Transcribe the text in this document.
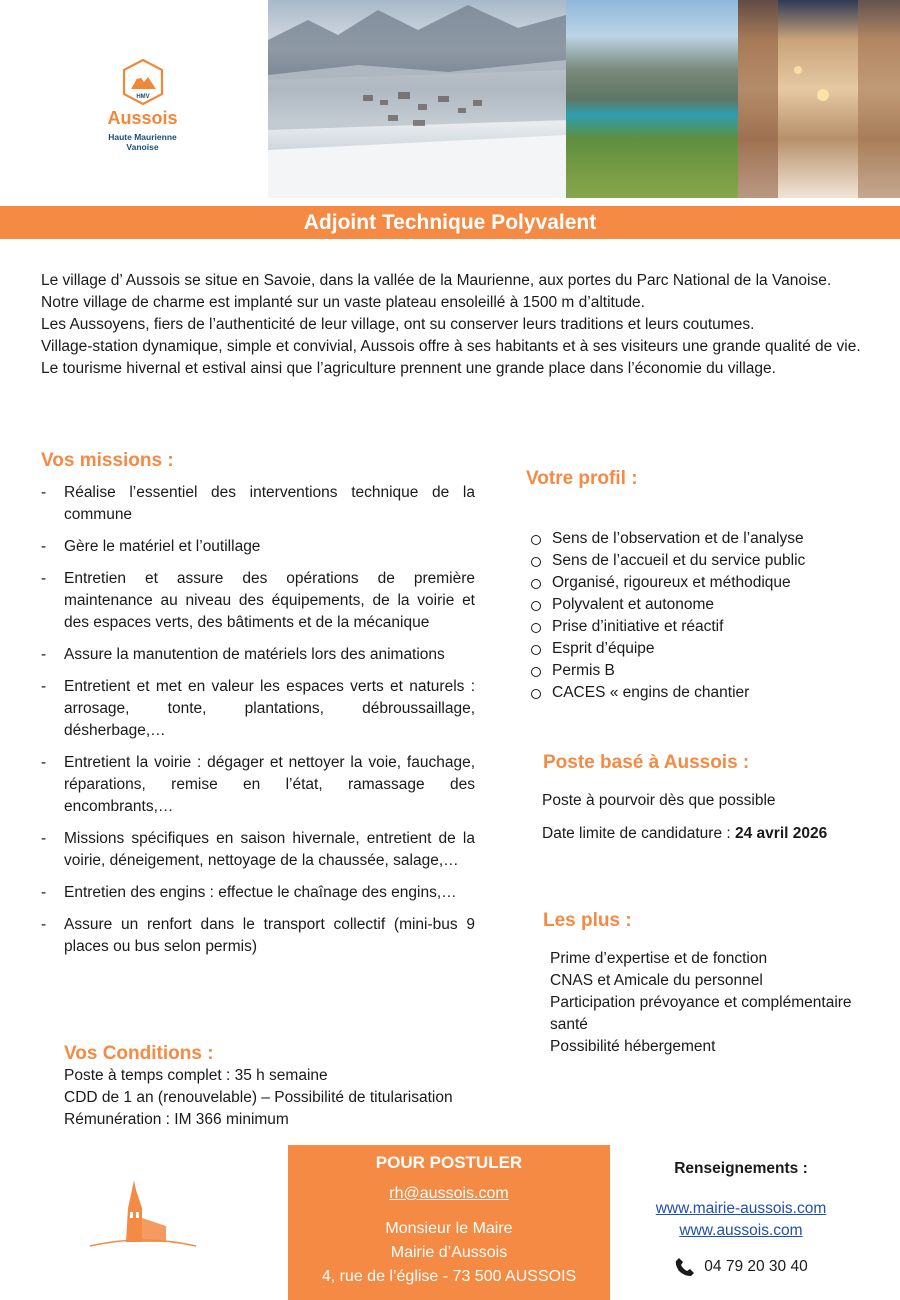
HMV
Aussois
Haute Maurienne Vanoise
Adjoint Technique Polyvalent

Le village d’ Aussois se situe en Savoie, dans la vallée de la Maurienne, aux portes du Parc National de la Vanoise.
Notre village de charme est implanté sur un vaste plateau ensoleillé à 1500 m d’altitude.
Les Aussoyens, fiers de l’authenticité de leur village, ont su conserver leurs traditions et leurs coutumes.
Village-station dynamique, simple et convivial, Aussois offre à ses habitants et à ses visiteurs une grande qualité de vie.
Le tourisme hivernal et estival ainsi que l’agriculture prennent une grande place dans l’économie du village.

Vos missions :
- Réalise l’essentiel des interventions technique de la commune
- Gère le matériel et l’outillage
- Entretien et assure des opérations de première maintenance au niveau des équipements, de la voirie et des espaces verts, des bâtiments et de la mécanique
- Assure la manutention de matériels lors des animations
- Entretient et met en valeur les espaces verts et naturels : arrosage, tonte, plantations, débroussaillage, désherbage,…
- Entretient la voirie : dégager et nettoyer la voie, fauchage, réparations, remise en l’état, ramassage des encombrants,…
- Missions spécifiques en saison hivernale, entretient de la voirie, déneigement, nettoyage de la chaussée, salage,…
- Entretien des engins : effectue le chaînage des engins,…
- Assure un renfort dans le transport collectif (mini-bus 9 places ou bus selon permis)
Vos Conditions :
Poste à temps complet : 35 h semaine
CDD de 1 an (renouvelable) – Possibilité de titularisation
Rémunération : IM 366 minimum
Votre profil :
Sens de l’observation et de l’analyse
Sens de l’accueil et du service public
Organisé, rigoureux et méthodique
Polyvalent et autonome
Prise d’initiative et réactif
Esprit d’équipe
Permis B
CACES « engins de chantier
Poste basé à Aussois :
Poste à pourvoir dès que possible
Date limite de candidature : 24 avril 2026
Les plus :
Prime d’expertise et de fonction
CNAS et Amicale du personnel
Participation prévoyance et complémentaire santé
Possibilité hébergement
POUR POSTULER
rh@aussois.com
Monsieur le Maire
Mairie d’Aussois
4, rue de l’église - 73 500 AUSSOIS
Renseignements :
www.mairie-aussois.com
www.aussois.com
04 79 20 30 40
